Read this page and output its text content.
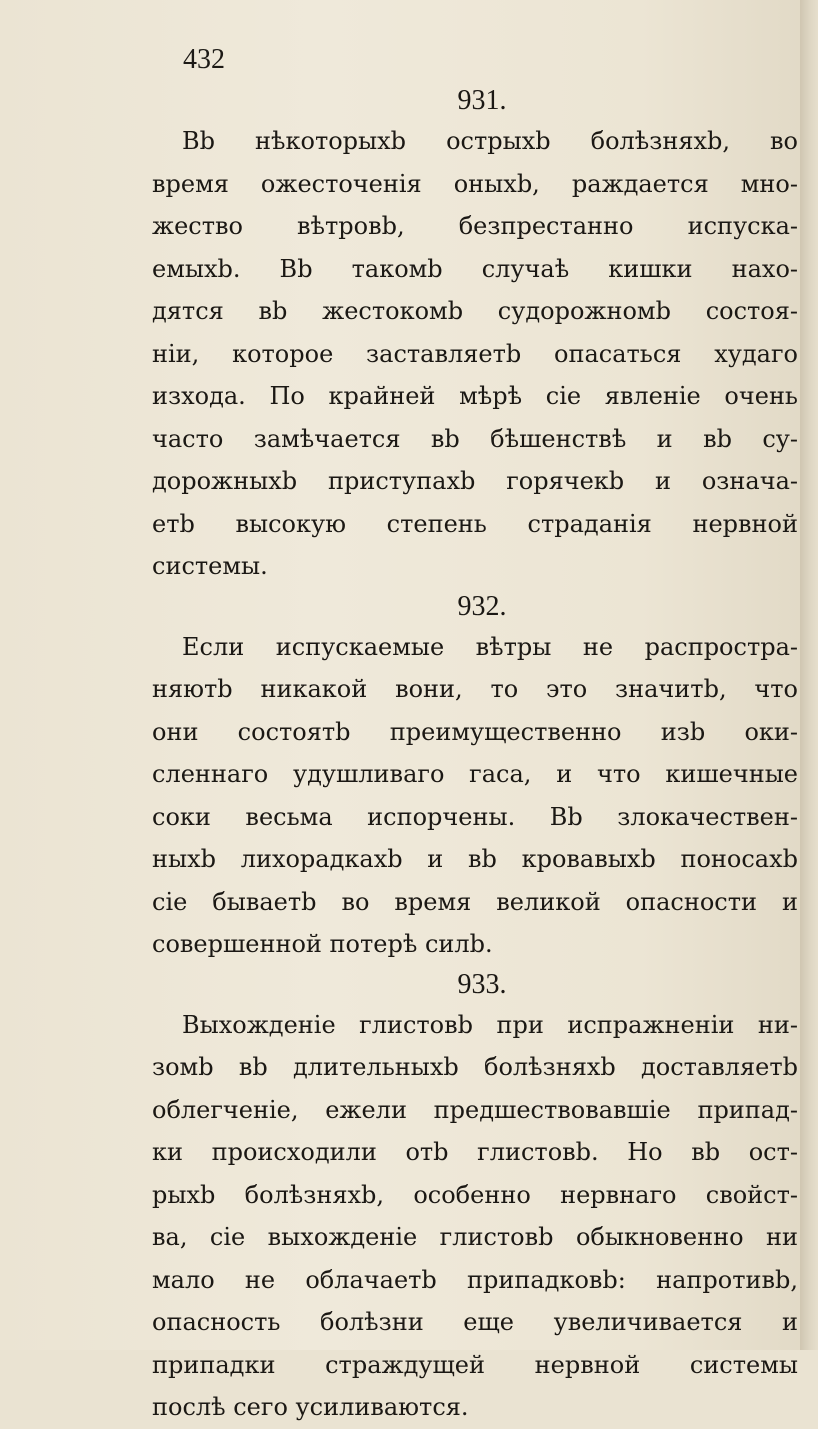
432
931.
Вb нѣкоторыхb острыхb болѣзняхb, во
время ожесточенія оныхb, раждается мно-
жество вѣтровb, безпрестанно испуска-
емыхb. Вb такомb случаѣ кишки нахо-
дятся вb жестокомb судорожномb состоя-
ніи, которое заставляетb опасаться худаго
изхода. По крайней мѣрѣ сіе явленіе очень
часто замѣчается вb бѣшенствѣ и вb су-
дорожныхb приступахb горячекb и означа-
етb высокую степень страданія нервной
системы.
932.
Если испускаемые вѣтры не распростра-
няютb никакой вони, то это значитb, что
они состоятb преимущественно изb оки-
сленнаго удушливаго гаса, и что кишечные
соки весьма испорчены. Вb злокачествен-
ныхb лихорадкахb и вb кровавыхb поносахb
сіе бываетb во время великой опасности и
совершенной потерѣ силb.
933.
Выхожденіе глистовb при испражненіи ни-
зомb вb длительныхb болѣзняхb доставляетb
облегченіе, ежели предшествовавшіе припад-
ки происходили отb глистовb. Но вb ост-
рыхb болѣзняхb, особенно нервнаго свойст-
ва, сіе выхожденіе глистовb обыкновенно ни
мало не облачаетb припадковb: напротивb,
опасность болѣзни еще увеличивается и
припадки страждущей нервной системы
послѣ сего усиливаются.
